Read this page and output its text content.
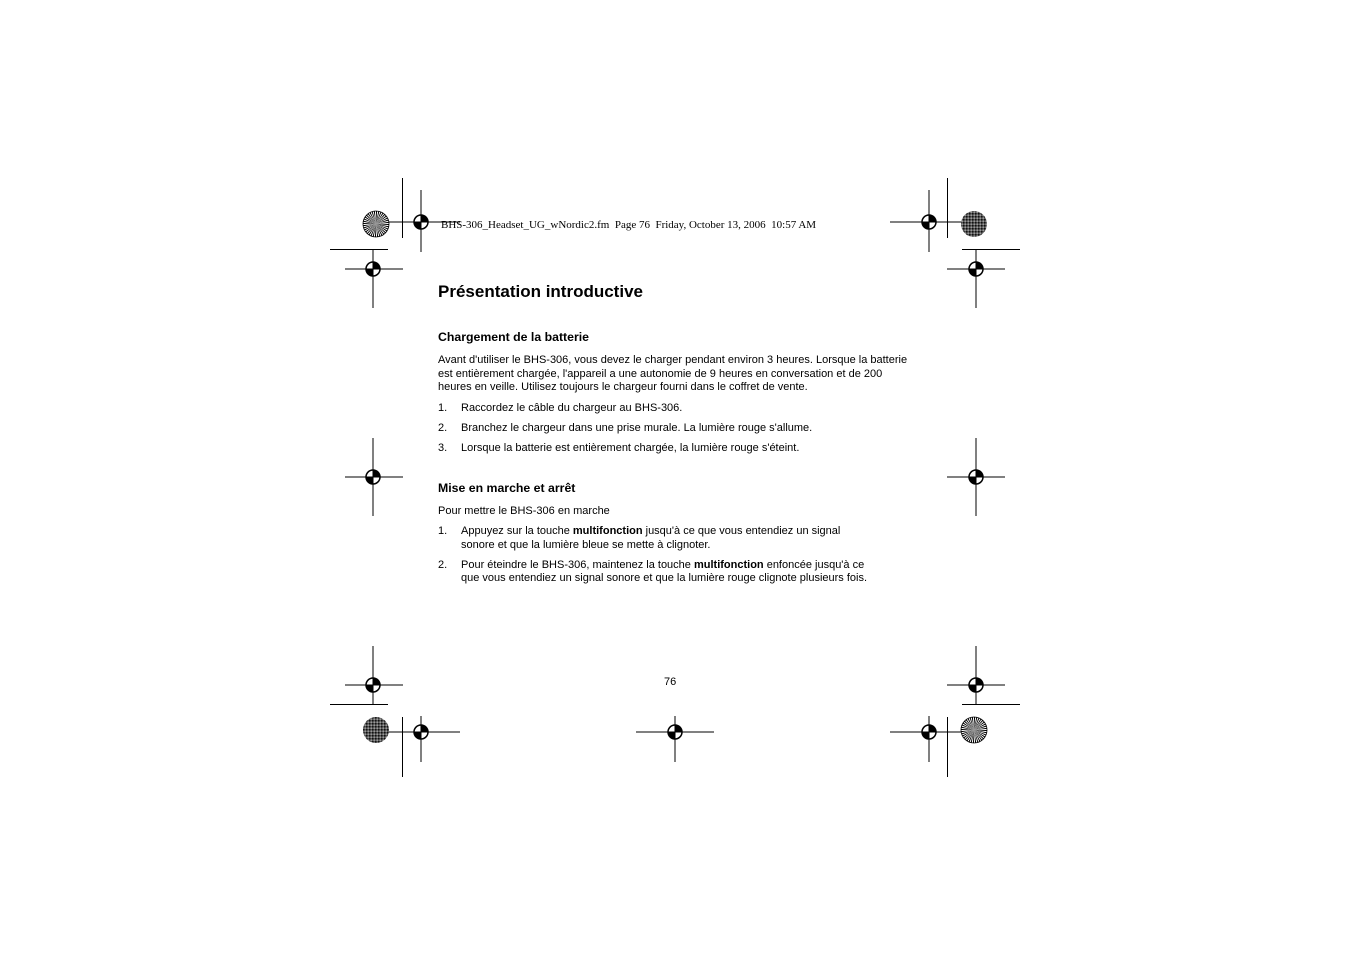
BHS-306_Headset_UG_wNordic2.fm  Page 76  Friday, October 13, 2006  10:57 AM
Présentation introductive
Chargement de la batterie

Avant d'utiliser le BHS-306, vous devez le charger pendant environ 3 heures. Lorsque la batterie est entièrement chargée, l'appareil a une autonomie de 9 heures en conversation et de 200 heures en veille. Utilisez toujours le chargeur fourni dans le coffret de vente.

1. Raccordez le câble du chargeur au BHS-306.
2. Branchez le chargeur dans une prise murale. La lumière rouge s'allume.
3. Lorsque la batterie est entièrement chargée, la lumière rouge s'éteint.
Mise en marche et arrêt

Pour mettre le BHS-306 en marche

1. Appuyez sur la touche multifonction jusqu'à ce que vous entendiez un signal sonore et que la lumière bleue se mette à clignoter.
2. Pour éteindre le BHS-306, maintenez la touche multifonction enfoncée jusqu'à ce que vous entendiez un signal sonore et que la lumière rouge clignote plusieurs fois.
76
